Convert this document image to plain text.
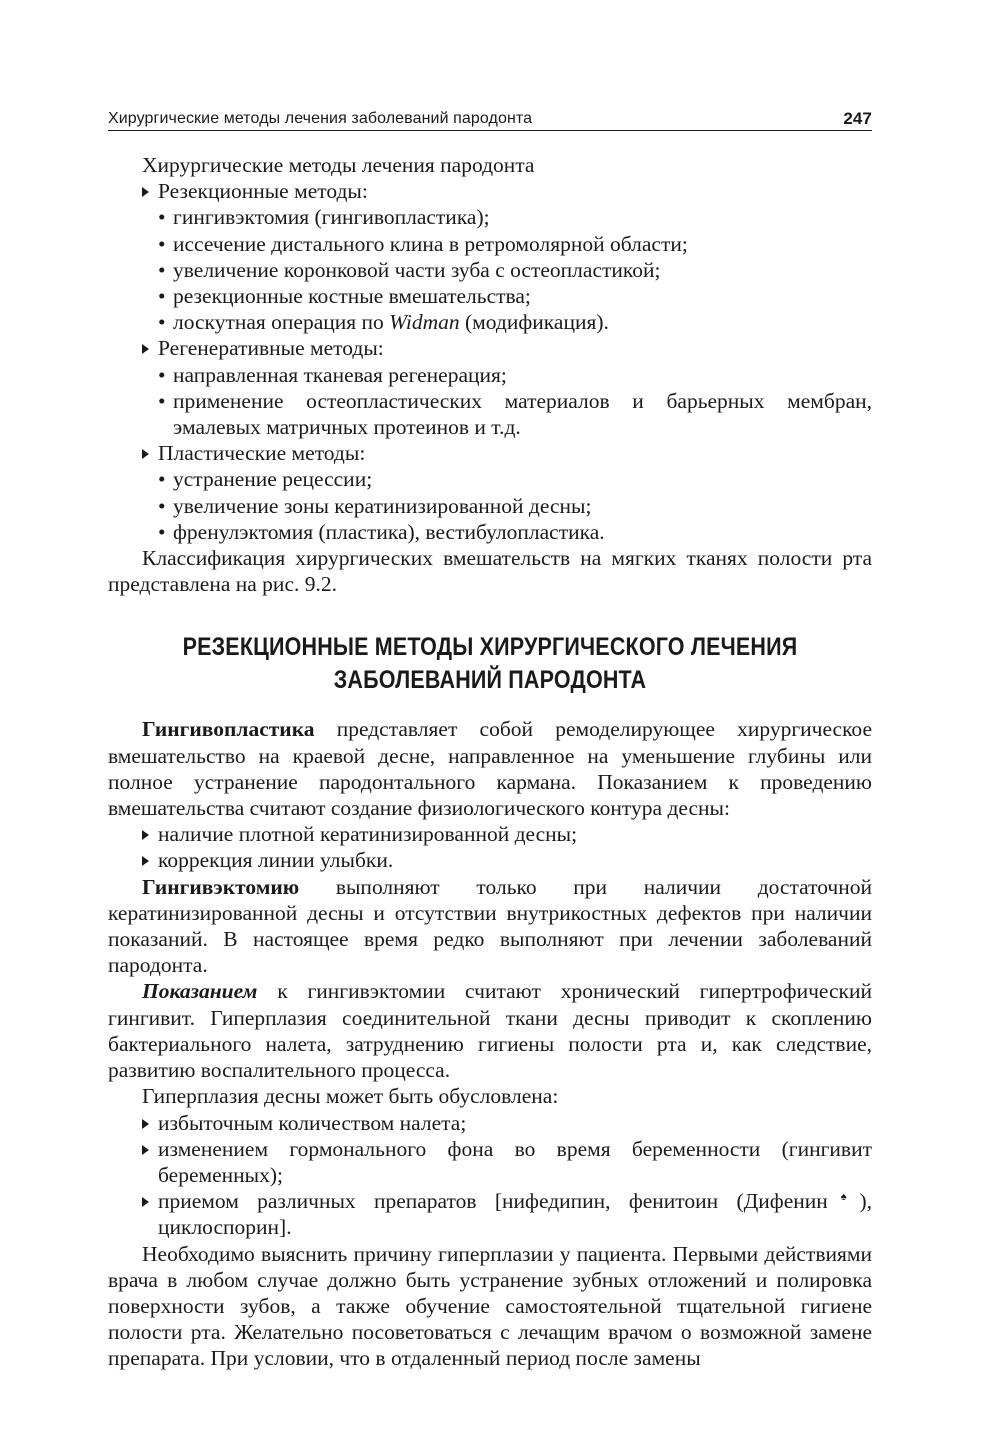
Хирургические методы лечения заболеваний пародонта	247

Хирургические методы лечения пародонта

Резекционные методы:
• гингивэктомия (гингивопластика);
• иссечение дистального клина в ретромолярной области;
• увеличение коронковой части зуба с остеопластикой;
• резекционные костные вмешательства;
• лоскутная операция по Widman (модификация).
Регенеративные методы:
• направленная тканевая регенерация;
• применение остеопластических материалов и барьерных мембран, эмалевых матричных протеинов и т.д.
Пластические методы:
• устранение рецессии;
• увеличение зоны кератинизированной десны;
• френулэктомия (пластика), вестибулопластика.

Классификация хирургических вмешательств на мягких тканях полости рта представлена на рис. 9.2.

РЕЗЕКЦИОННЫЕ МЕТОДЫ ХИРУРГИЧЕСКОГО ЛЕЧЕНИЯ
ЗАБОЛЕВАНИЙ ПАРОДОНТА

Гингивопластика представляет собой ремоделирующее хирургическое вмешательство на краевой десне, направленное на уменьшение глубины или полное устранение пародонтального кармана. Показанием к проведению вмешательства считают создание физиологического контура десны:

наличие плотной кератинизированной десны;
коррекция линии улыбки.

Гингивэктомию выполняют только при наличии достаточной кератинизированной десны и отсутствии внутрикостных дефектов при наличии показаний. В настоящее время редко выполняют при лечении заболеваний пародонта.

Показанием к гингивэктомии считают хронический гипертрофический гингивит. Гиперплазия соединительной ткани десны приводит к скоплению бактериального налета, затруднению гигиены полости рта и, как следствие, развитию воспалительного процесса.

Гиперплазия десны может быть обусловлена:

избыточным количеством налета;
изменением гормонального фона во время беременности (гингивит беременных);
приемом различных препаратов [нифедипин, фенитоин (Дифенин♠), циклоспорин].

Необходимо выяснить причину гиперплазии у пациента. Первыми действиями врача в любом случае должно быть устранение зубных отложений и полировка поверхности зубов, а также обучение самостоятельной тщательной гигиене полости рта. Желательно посоветоваться с лечащим врачом о возможной замене препарата. При условии, что в отдаленный период после замены
